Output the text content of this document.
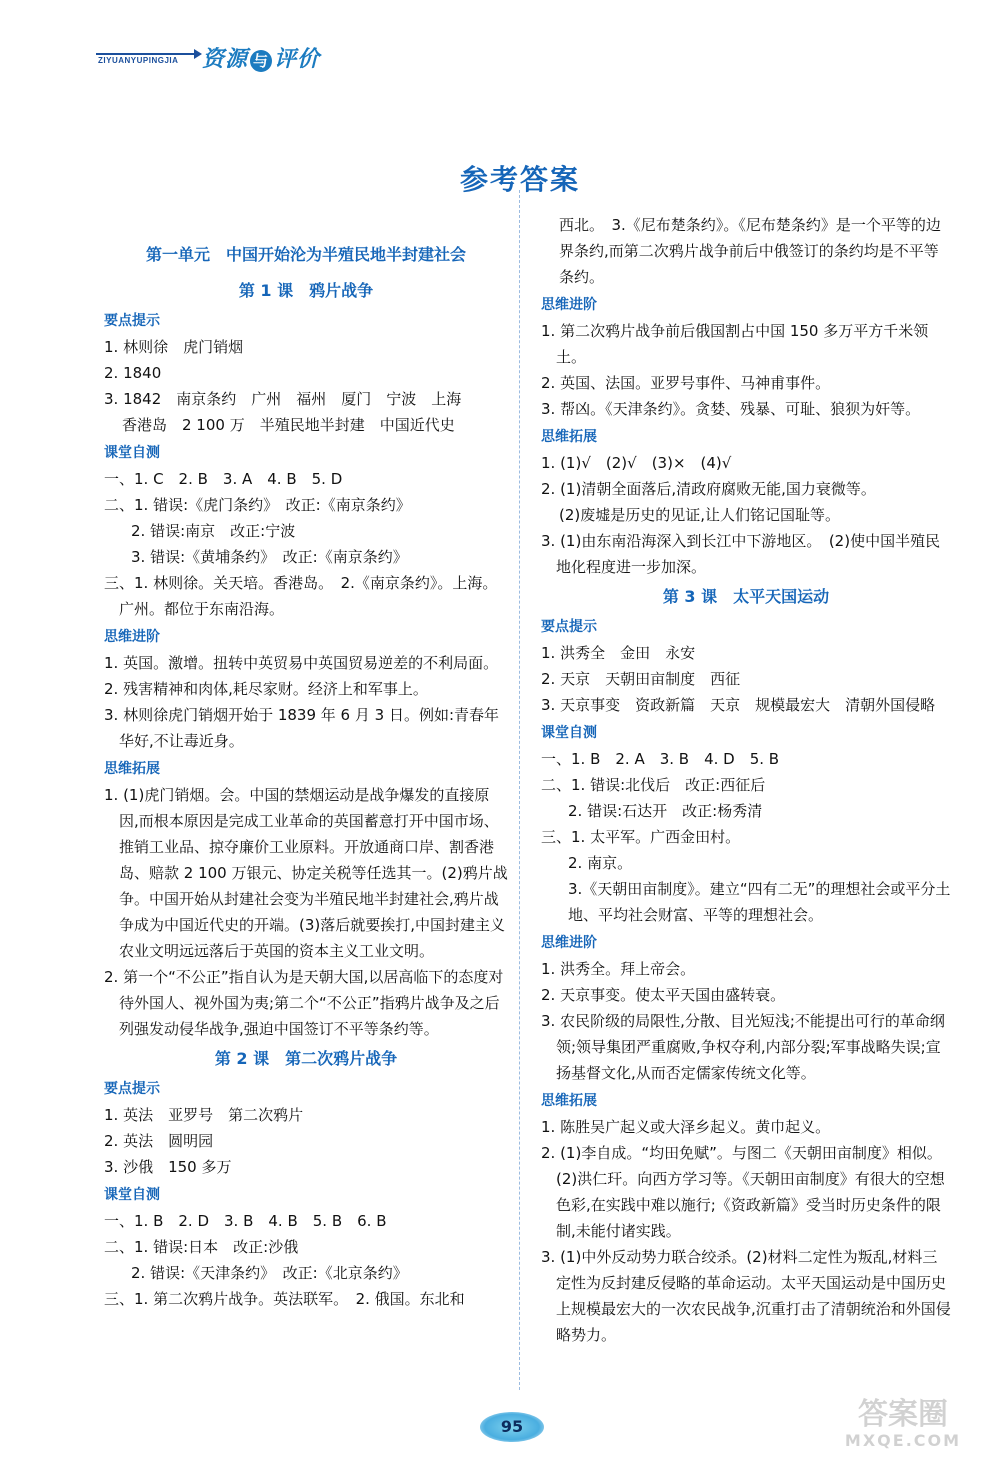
ZIYUANYUPINGJIA 资源 与 评价
参考答案
第一单元　中国开始沦为半殖民地半封建社会
第 1 课　鸦片战争
要点提示

1. 林则徐　虎门销烟

2. 1840

3. 1842　南京条约　广州　福州　厦门　宁波　上海

香港岛　2 100 万　半殖民地半封建　中国近代史

课堂自测

一、1. C　2. B　3. A　4. B　5. D

二、1. 错误:《虎门条约》　改正:《南京条约》

2. 错误:南京　改正:宁波

3. 错误:《黄埔条约》　改正:《南京条约》

三、1. 林则徐。关天培。香港岛。　2.《南京条约》。上海。广州。都位于东南沿海。

思维进阶

1. 英国。激增。扭转中英贸易中英国贸易逆差的不利局面。

2. 残害精神和肉体,耗尽家财。经济上和军事上。

3. 林则徐虎门销烟开始于 1839 年 6 月 3 日。例如:青春年华好,不让毒近身。

思维拓展

1. (1)虎门销烟。会。中国的禁烟运动是战争爆发的直接原因,而根本原因是完成工业革命的英国蓄意打开中国市场、推销工业品、掠夺廉价工业原料。开放通商口岸、割香港岛、赔款 2 100 万银元、协定关税等任选其一。(2)鸦片战争。中国开始从封建社会变为半殖民地半封建社会,鸦片战争成为中国近代史的开端。(3)落后就要挨打,中国封建主义农业文明远远落后于英国的资本主义工业文明。

2. 第一个“不公正”指自认为是天朝大国,以居高临下的态度对待外国人、视外国为夷;第二个“不公正”指鸦片战争及之后列强发动侵华战争,强迫中国签订不平等条约等。

第 2 课　第二次鸦片战争
要点提示

1. 英法　亚罗号　第二次鸦片

2. 英法　圆明园

3. 沙俄　150 多万

课堂自测

一、1. B　2. D　3. B　4. B　5. B　6. B

二、1. 错误:日本　改正:沙俄

2. 错误:《天津条约》　改正:《北京条约》

三、1. 第二次鸦片战争。英法联军。　2. 俄国。东北和

西北。　3.《尼布楚条约》。《尼布楚条约》是一个平等的边界条约,而第二次鸦片战争前后中俄签订的条约均是不平等条约。

思维进阶

1. 第二次鸦片战争前后俄国割占中国 150 多万平方千米领土。

2. 英国、法国。亚罗号事件、马神甫事件。

3. 帮凶。《天津条约》。贪婪、残暴、可耻、狼狈为奸等。

思维拓展

1. (1)√　(2)√　(3)×　(4)√

2. (1)清朝全面落后,清政府腐败无能,国力衰微等。

(2)废墟是历史的见证,让人们铭记国耻等。

3. (1)由东南沿海深入到长江中下游地区。　(2)使中国半殖民地化程度进一步加深。

第 3 课　太平天国运动
要点提示

1. 洪秀全　金田　永安

2. 天京　天朝田亩制度　西征

3. 天京事变　资政新篇　天京　规模最宏大　清朝外国侵略

课堂自测

一、1. B　2. A　3. B　4. D　5. B

二、1. 错误:北伐后　改正:西征后

2. 错误:石达开　改正:杨秀清

三、1. 太平军。广西金田村。

2. 南京。

3.《天朝田亩制度》。建立“四有二无”的理想社会或平分土地、平均社会财富、平等的理想社会。

思维进阶

1. 洪秀全。拜上帝会。

2. 天京事变。使太平天国由盛转衰。

3. 农民阶级的局限性,分散、目光短浅;不能提出可行的革命纲领;领导集团严重腐败,争权夺利,内部分裂;军事战略失误;宣扬基督文化,从而否定儒家传统文化等。

思维拓展

1. 陈胜吴广起义或大泽乡起义。黄巾起义。

2. (1)李自成。“均田免赋”。与图二《天朝田亩制度》相似。(2)洪仁玕。向西方学习等。《天朝田亩制度》有很大的空想色彩,在实践中难以施行;《资政新篇》受当时历史条件的限制,未能付诸实践。

3. (1)中外反动势力联合绞杀。(2)材料二定性为叛乱,材料三定性为反封建反侵略的革命运动。太平天国运动是中国历史上规模最宏大的一次农民战争,沉重打击了清朝统治和外国侵略势力。

95	答案圈
MXQE.COM
